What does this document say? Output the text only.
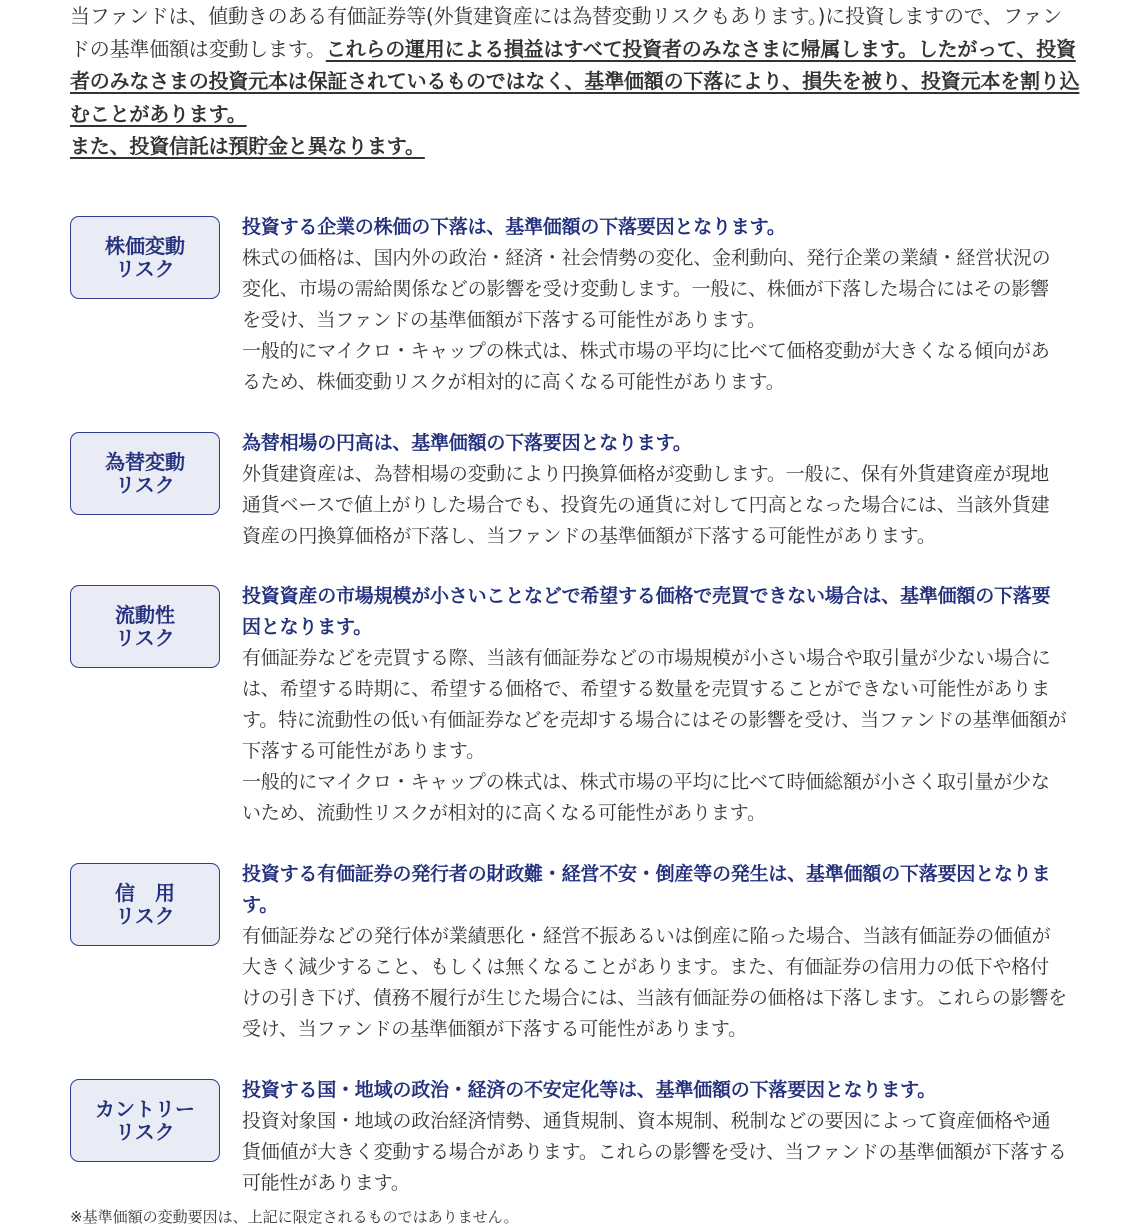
当ファンドは、値動きのある有価証券等(外貨建資産には為替変動リスクもあります。)に投資しますので、ファンドの基準価額は変動します。これらの運用による損益はすべて投資者のみなさまに帰属します。したがって、投資者のみなさまの投資元本は保証されているものではなく、基準価額の下落により、損失を被り、投資元本を割り込むことがあります。
また、投資信託は預貯金と異なります。
株価変動
リスク
投資する企業の株価の下落は、基準価額の下落要因となります。
株式の価格は、国内外の政治・経済・社会情勢の変化、金利動向、発行企業の業績・経営状況の変化、市場の需給関係などの影響を受け変動します。一般に、株価が下落した場合にはその影響を受け、当ファンドの基準価額が下落する可能性があります。
一般的にマイクロ・キャップの株式は、株式市場の平均に比べて価格変動が大きくなる傾向があるため、株価変動リスクが相対的に高くなる可能性があります。
為替変動
リスク
為替相場の円高は、基準価額の下落要因となります。
外貨建資産は、為替相場の変動により円換算価格が変動します。一般に、保有外貨建資産が現地通貨ベースで値上がりした場合でも、投資先の通貨に対して円高となった場合には、当該外貨建資産の円換算価格が下落し、当ファンドの基準価額が下落する可能性があります。
流動性
リスク
投資資産の市場規模が小さいことなどで希望する価格で売買できない場合は、基準価額の下落要因となります。
有価証券などを売買する際、当該有価証券などの市場規模が小さい場合や取引量が少ない場合には、希望する時期に、希望する価格で、希望する数量を売買することができない可能性があります。特に流動性の低い有価証券などを売却する場合にはその影響を受け、当ファンドの基準価額が下落する可能性があります。
一般的にマイクロ・キャップの株式は、株式市場の平均に比べて時価総額が小さく取引量が少ないため、流動性リスクが相対的に高くなる可能性があります。
信　用
リスク
投資する有価証券の発行者の財政難・経営不安・倒産等の発生は、基準価額の下落要因となります。
有価証券などの発行体が業績悪化・経営不振あるいは倒産に陥った場合、当該有価証券の価値が大きく減少すること、もしくは無くなることがあります。また、有価証券の信用力の低下や格付けの引き下げ、債務不履行が生じた場合には、当該有価証券の価格は下落します。これらの影響を受け、当ファンドの基準価額が下落する可能性があります。
カントリー
リスク
投資する国・地域の政治・経済の不安定化等は、基準価額の下落要因となります。
投資対象国・地域の政治経済情勢、通貨規制、資本規制、税制などの要因によって資産価格や通貨価値が大きく変動する場合があります。これらの影響を受け、当ファンドの基準価額が下落する可能性があります。
※基準価額の変動要因は、上記に限定されるものではありません。
